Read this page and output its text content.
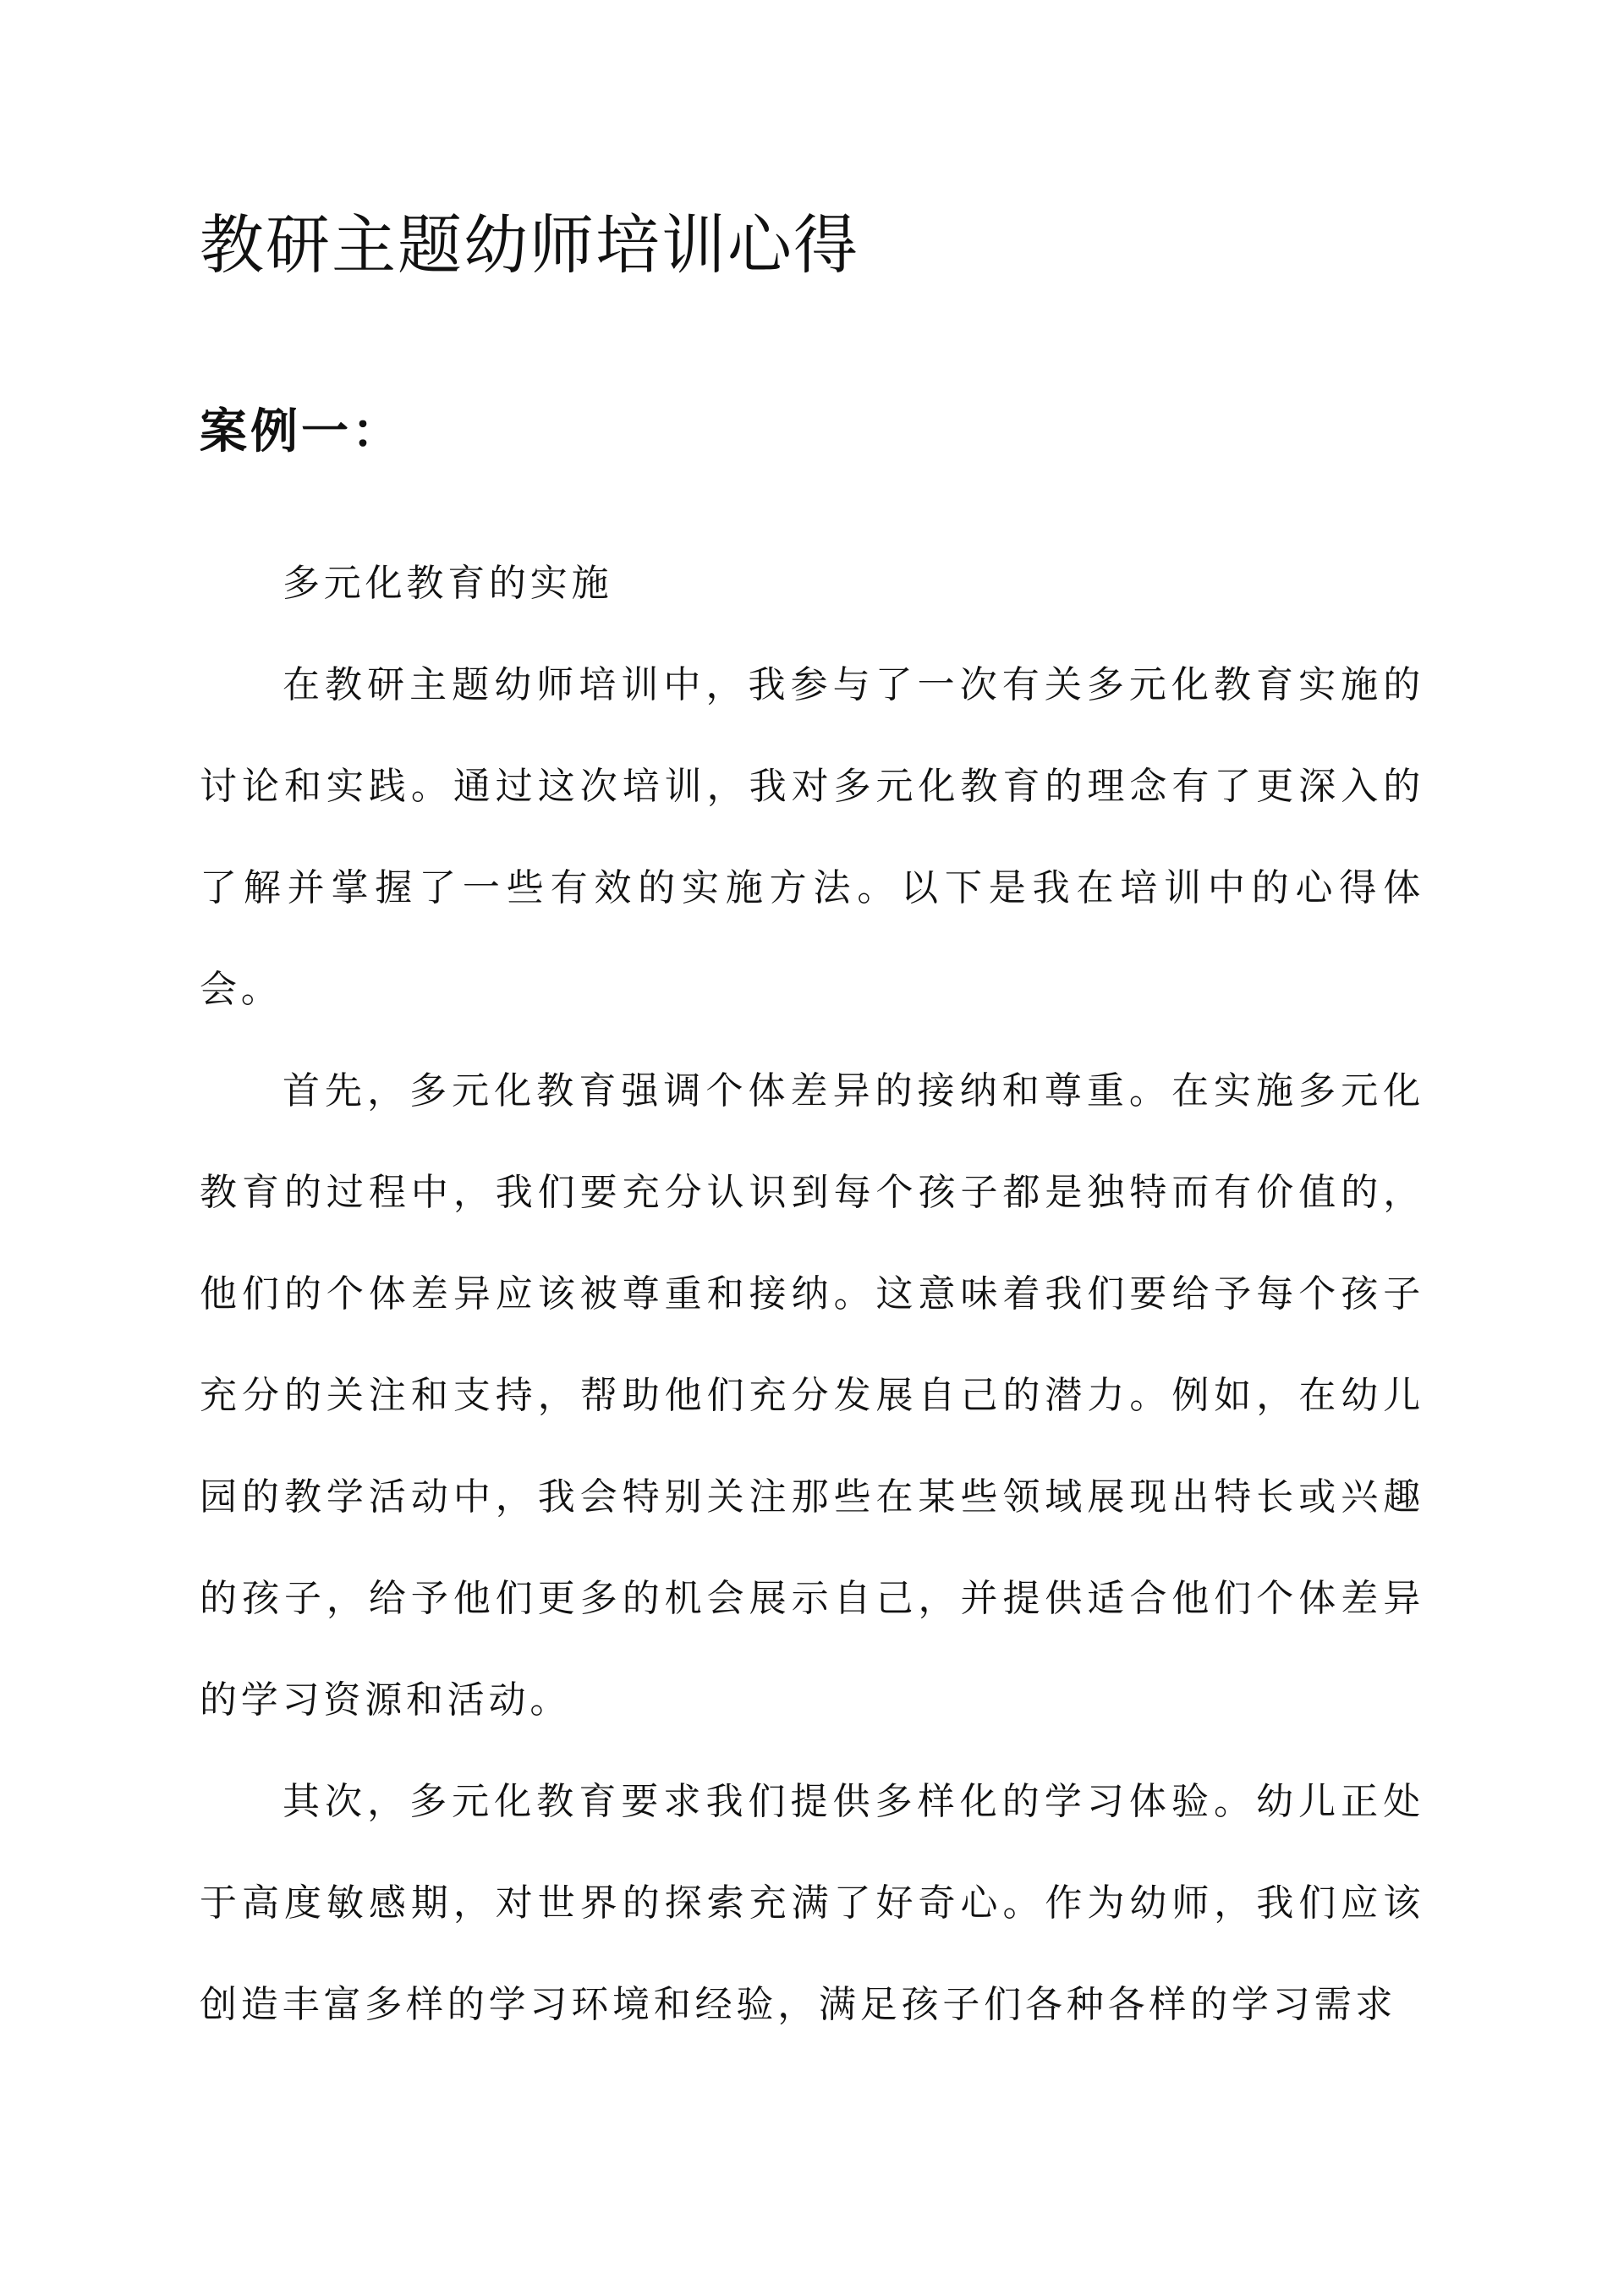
教研主题幼师培训心得
案例一：

多元化教育的实施

在教研主题幼师培训中，我参与了一次有关多元化教育实施的讨论和实践。通过这次培训，我对多元化教育的理念有了更深入的了解并掌握了一些有效的实施方法。以下是我在培训中的心得体会。

首先，多元化教育强调个体差异的接纳和尊重。在实施多元化教育的过程中，我们要充分认识到每个孩子都是独特而有价值的，他们的个体差异应该被尊重和接纳。这意味着我们要给予每个孩子充分的关注和支持，帮助他们充分发展自己的潜力。例如，在幼儿园的教学活动中，我会特别关注那些在某些领域展现出特长或兴趣的孩子，给予他们更多的机会展示自己，并提供适合他们个体差异的学习资源和活动。

其次，多元化教育要求我们提供多样化的学习体验。幼儿正处于高度敏感期，对世界的探索充满了好奇心。作为幼师，我们应该创造丰富多样的学习环境和经验，满足孩子们各种各样的学习需求
